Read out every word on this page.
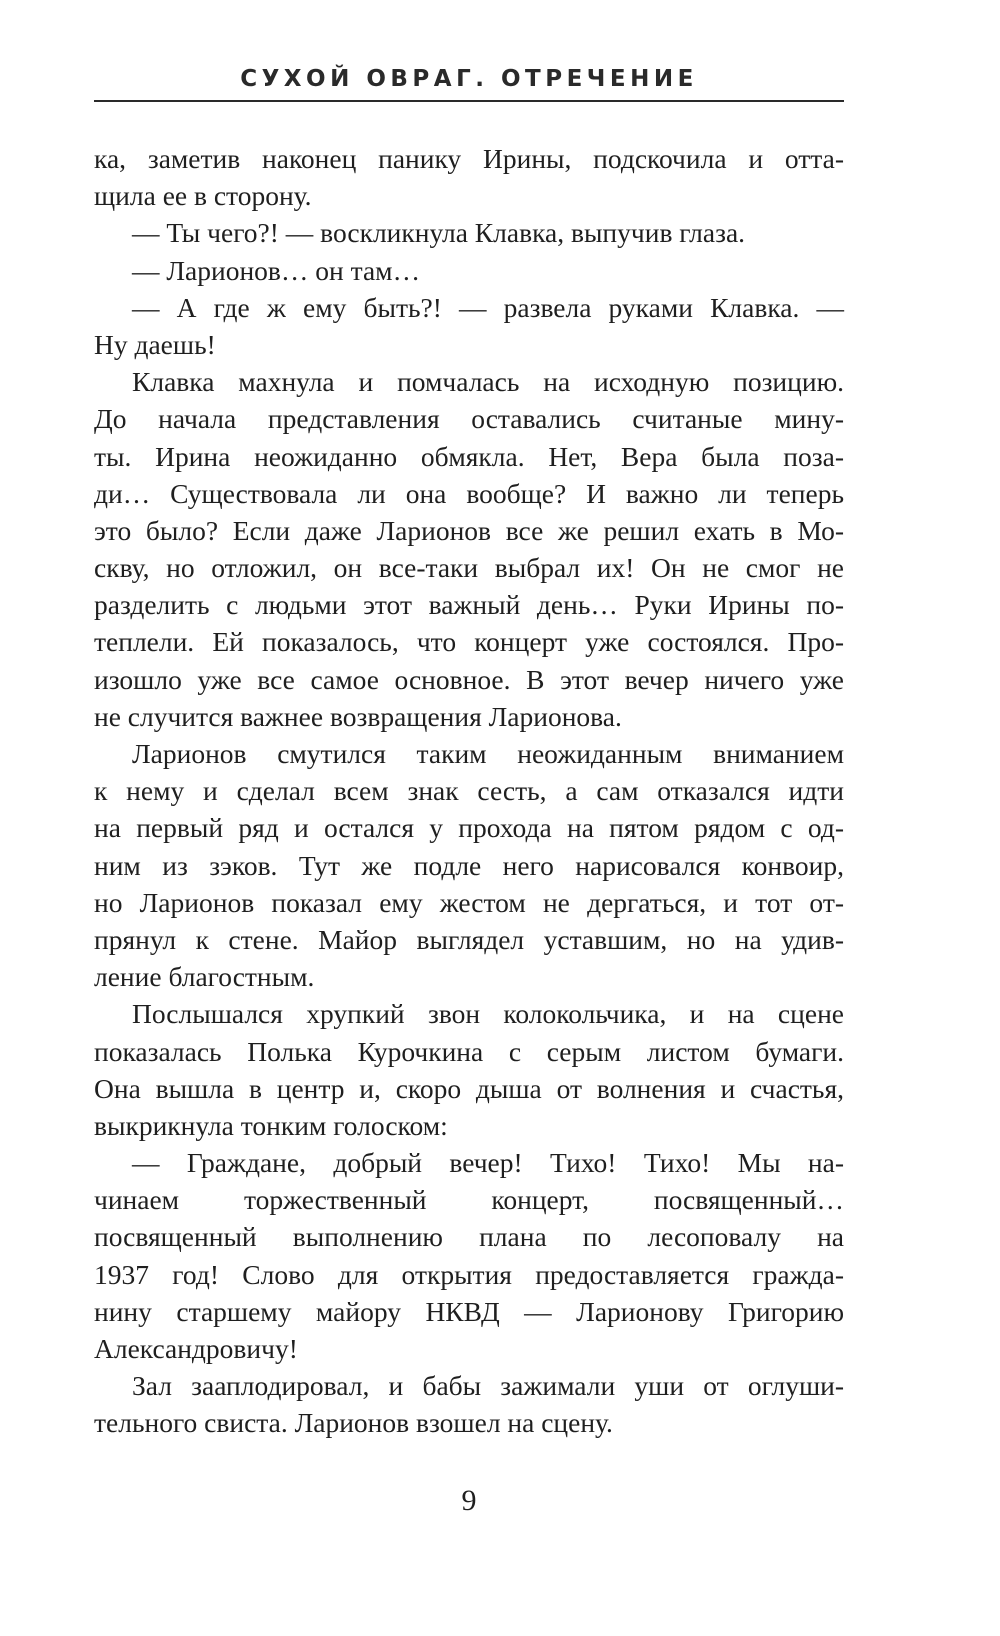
СУХОЙ ОВРАГ. ОТРЕЧЕНИЕ
ка, заметив наконец панику Ирины, подскочила и отта-
щила ее в сторону.
— Ты чего?! — воскликнула Клавка, выпучив глаза.
— Ларионов… он там…
— А где ж ему быть?! — развела руками Клавка. —
Ну даешь!
Клавка махнула и помчалась на исходную позицию.
До начала представления оставались считаные мину-
ты. Ирина неожиданно обмякла. Нет, Вера была поза-
ди… Существовала ли она вообще? И важно ли теперь
это было? Если даже Ларионов все же решил ехать в Мо-
скву, но отложил, он все-таки выбрал их! Он не смог не
разделить с людьми этот важный день… Руки Ирины по-
теплели. Ей показалось, что концерт уже состоялся. Про-
изошло уже все самое основное. В этот вечер ничего уже
не случится важнее возвращения Ларионова.
Ларионов смутился таким неожиданным вниманием
к нему и сделал всем знак сесть, а сам отказался идти
на первый ряд и остался у прохода на пятом рядом с од-
ним из зэков. Тут же подле него нарисовался конвоир,
но Ларионов показал ему жестом не дергаться, и тот от-
прянул к стене. Майор выглядел уставшим, но на удив-
ление благостным.
Послышался хрупкий звон колокольчика, и на сцене
показалась Полька Курочкина с серым листом бумаги.
Она вышла в центр и, скоро дыша от волнения и счастья,
выкрикнула тонким голоском:
— Граждане, добрый вечер! Тихо! Тихо! Мы на-
чинаем торжественный концерт, посвященный…
посвященный выполнению плана по лесоповалу на
1937 год! Слово для открытия предоставляется гражда-
нину старшему майору НКВД — Ларионову Григорию
Александровичу!
Зал зааплодировал, и бабы зажимали уши от оглуши-
тельного свиста. Ларионов взошел на сцену.
9
